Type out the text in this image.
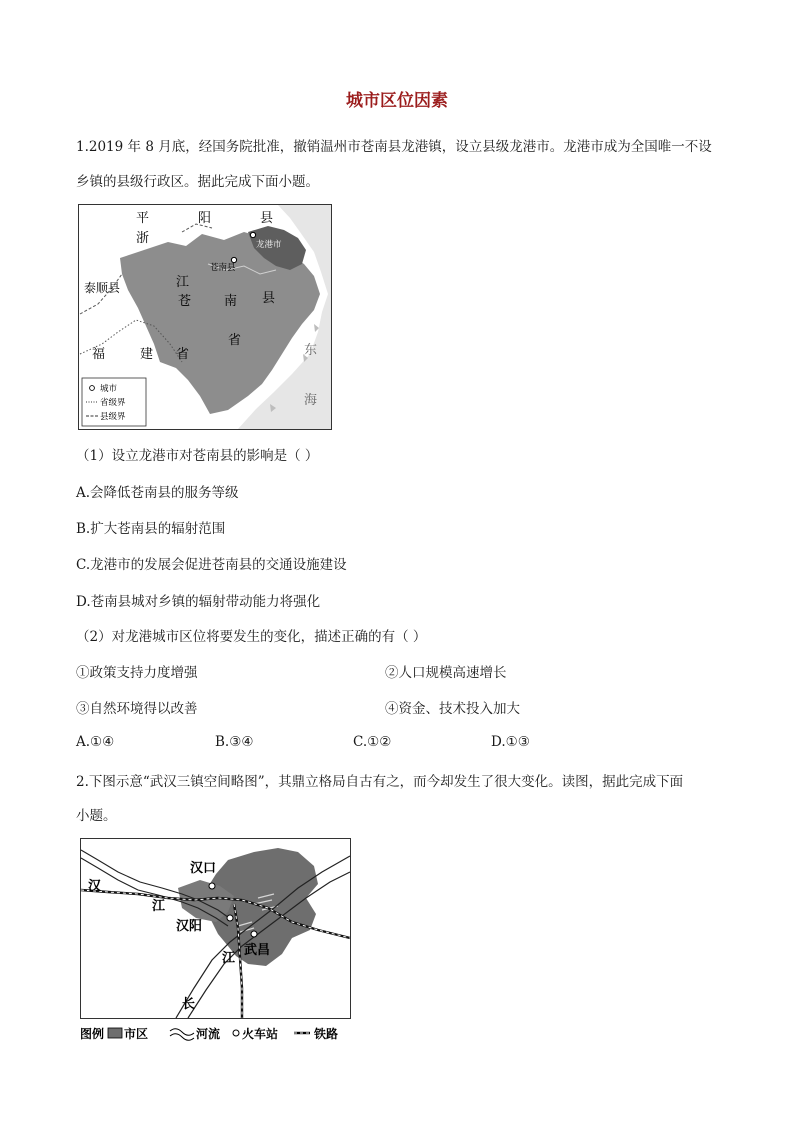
城市区位因素
1.2019 年 8 月底，经国务院批准，撤销温州市苍南县龙港镇，设立县级龙港市。龙港市成为全国唯一不设
乡镇的县级行政区。据此完成下面小题。
平	阳	县
浙	龙港市
苍南县
江
泰顺县
苍	南 县
省
福	建 省	东
海
城市
省级界
县级界
（1）设立龙港市对苍南县的影响是（ ）
A.会降低苍南县的服务等级
B.扩大苍南县的辐射范围
C.龙港市的发展会促进苍南县的交通设施建设
D.苍南县城对乡镇的辐射带动能力将强化
（2）对龙港城市区位将要发生的变化，描述正确的有（ ）
①政策支持力度增强	②人口规模高速增长
③自然环境得以改善	④资金、技术投入加大
A.①④	B.③④	C.①②	D.①③
2.下图示意“武汉三镇空间略图”，其鼎立格局自古有之，而今却发生了很大变化。读图，据此完成下面
小题。
汉口
汉
江
汉阳
武昌
江
长
图例 市区	河流 火车站	铁路
